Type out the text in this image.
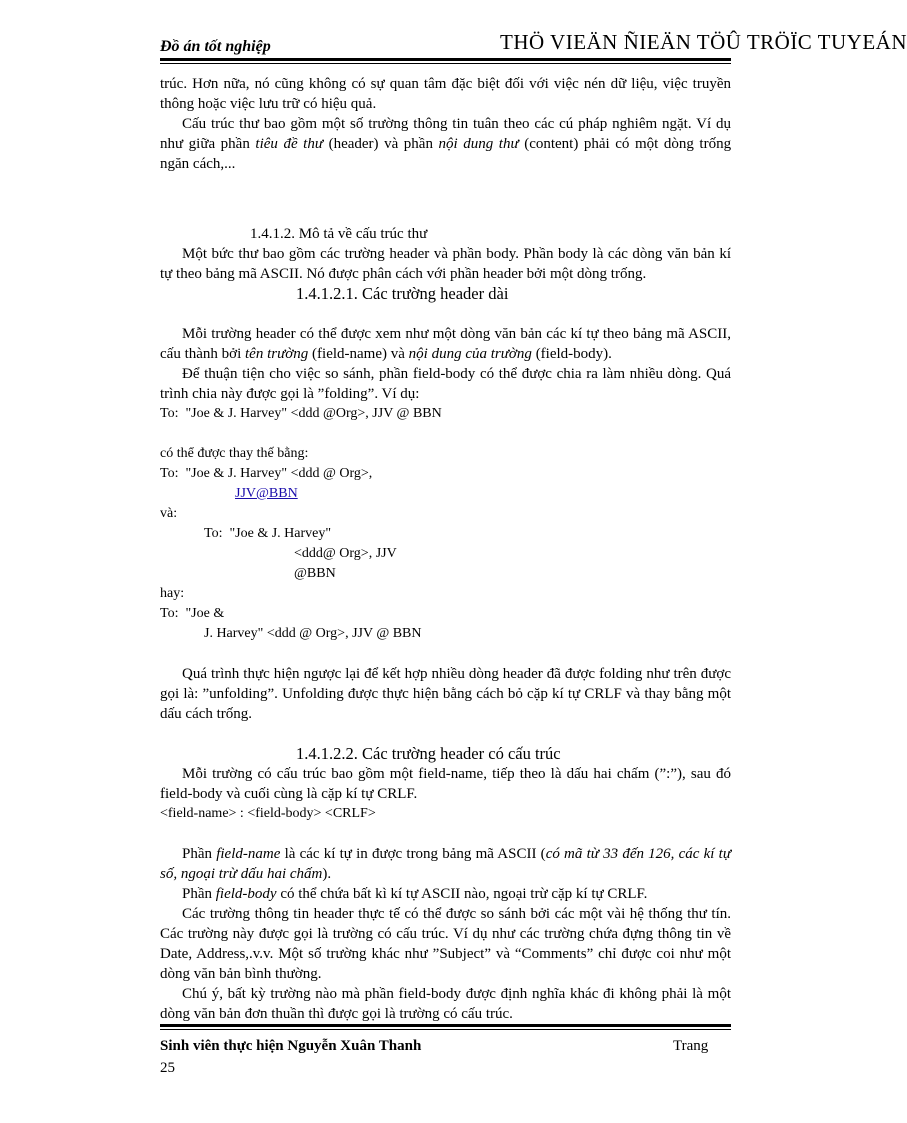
Đồ án tốt nghiệp	THÖ VIEÄN ÑIEÄN TÖÛ TRÖÏC TUYEÁN

trúc. Hơn nữa, nó cũng không có sự quan tâm đặc biệt đối với việc nén dữ liệu, việc truyền thông hoặc việc lưu trữ có hiệu quả.

Cấu trúc thư bao gồm một số trường thông tin tuân theo các cú pháp nghiêm ngặt. Ví dụ như giữa phần tiêu đề thư (header) và phần nội dung thư (content) phải có một dòng trống ngăn cách,...

1.4.1.2. Mô tả về cấu trúc thư

Một bức thư bao gồm các trường header và phần body. Phần body là các dòng văn bản kí tự theo bảng mã ASCII. Nó được phân cách với phần header bởi một dòng trống.

1.4.1.2.1. Các trường header dài

Mỗi trường header có thể được xem như một dòng văn bản các kí tự theo bảng mã ASCII, cấu thành bởi tên trường (field-name) và nội dung của trường (field-body).

Để thuận tiện cho việc so sánh, phần field-body có thể được chia ra làm nhiều dòng. Quá trình chia này được gọi là ”folding”. Ví dụ:

To:  "Joe & J. Harvey" <ddd @Org>, JJV @ BBN
có thể được thay thế bằng:
To:  "Joe & J. Harvey" <ddd @ Org>,
JJV@BBN
và:
To:  "Joe & J. Harvey"
<ddd@ Org>, JJV
@BBN
hay:
To:  "Joe &
J. Harvey" <ddd @ Org>, JJV @ BBN

Quá trình thực hiện ngược lại để kết hợp nhiều dòng header đã được folding như trên được gọi là: ”unfolding”. Unfolding được thực hiện bằng cách bỏ cặp kí tự CRLF và thay bằng một dấu cách trống.

1.4.1.2.2. Các trường header có cấu trúc

Mỗi trường có cấu trúc bao gồm một field-name, tiếp theo là dấu hai chấm (”:”), sau đó field-body và cuối cùng là cặp kí tự CRLF.

<field-name> : <field-body> <CRLF>

Phần field-name là các kí tự in được trong bảng mã ASCII (có mã từ 33 đến 126, các kí tự số, ngoại trừ dấu hai chấm).

Phần field-body có thể chứa bất kì kí tự ASCII nào, ngoại trừ cặp kí tự CRLF.

Các trường thông tin header thực tế có thể được so sánh bởi các một vài hệ thống thư tín. Các trường này được gọi là trường có cấu trúc. Ví dụ như các trường chứa đựng thông tin về Date, Address,.v.v. Một số trường khác như ”Subject” và “Comments” chỉ được coi như một dòng văn bản bình thường.

Chú ý, bất kỳ trường nào mà phần field-body được định nghĩa khác đi không phải là một dòng văn bản đơn thuần thì được gọi là trường có cấu trúc.

Sinh viên thực hiện Nguyễn Xuân Thanh	Trang
25
